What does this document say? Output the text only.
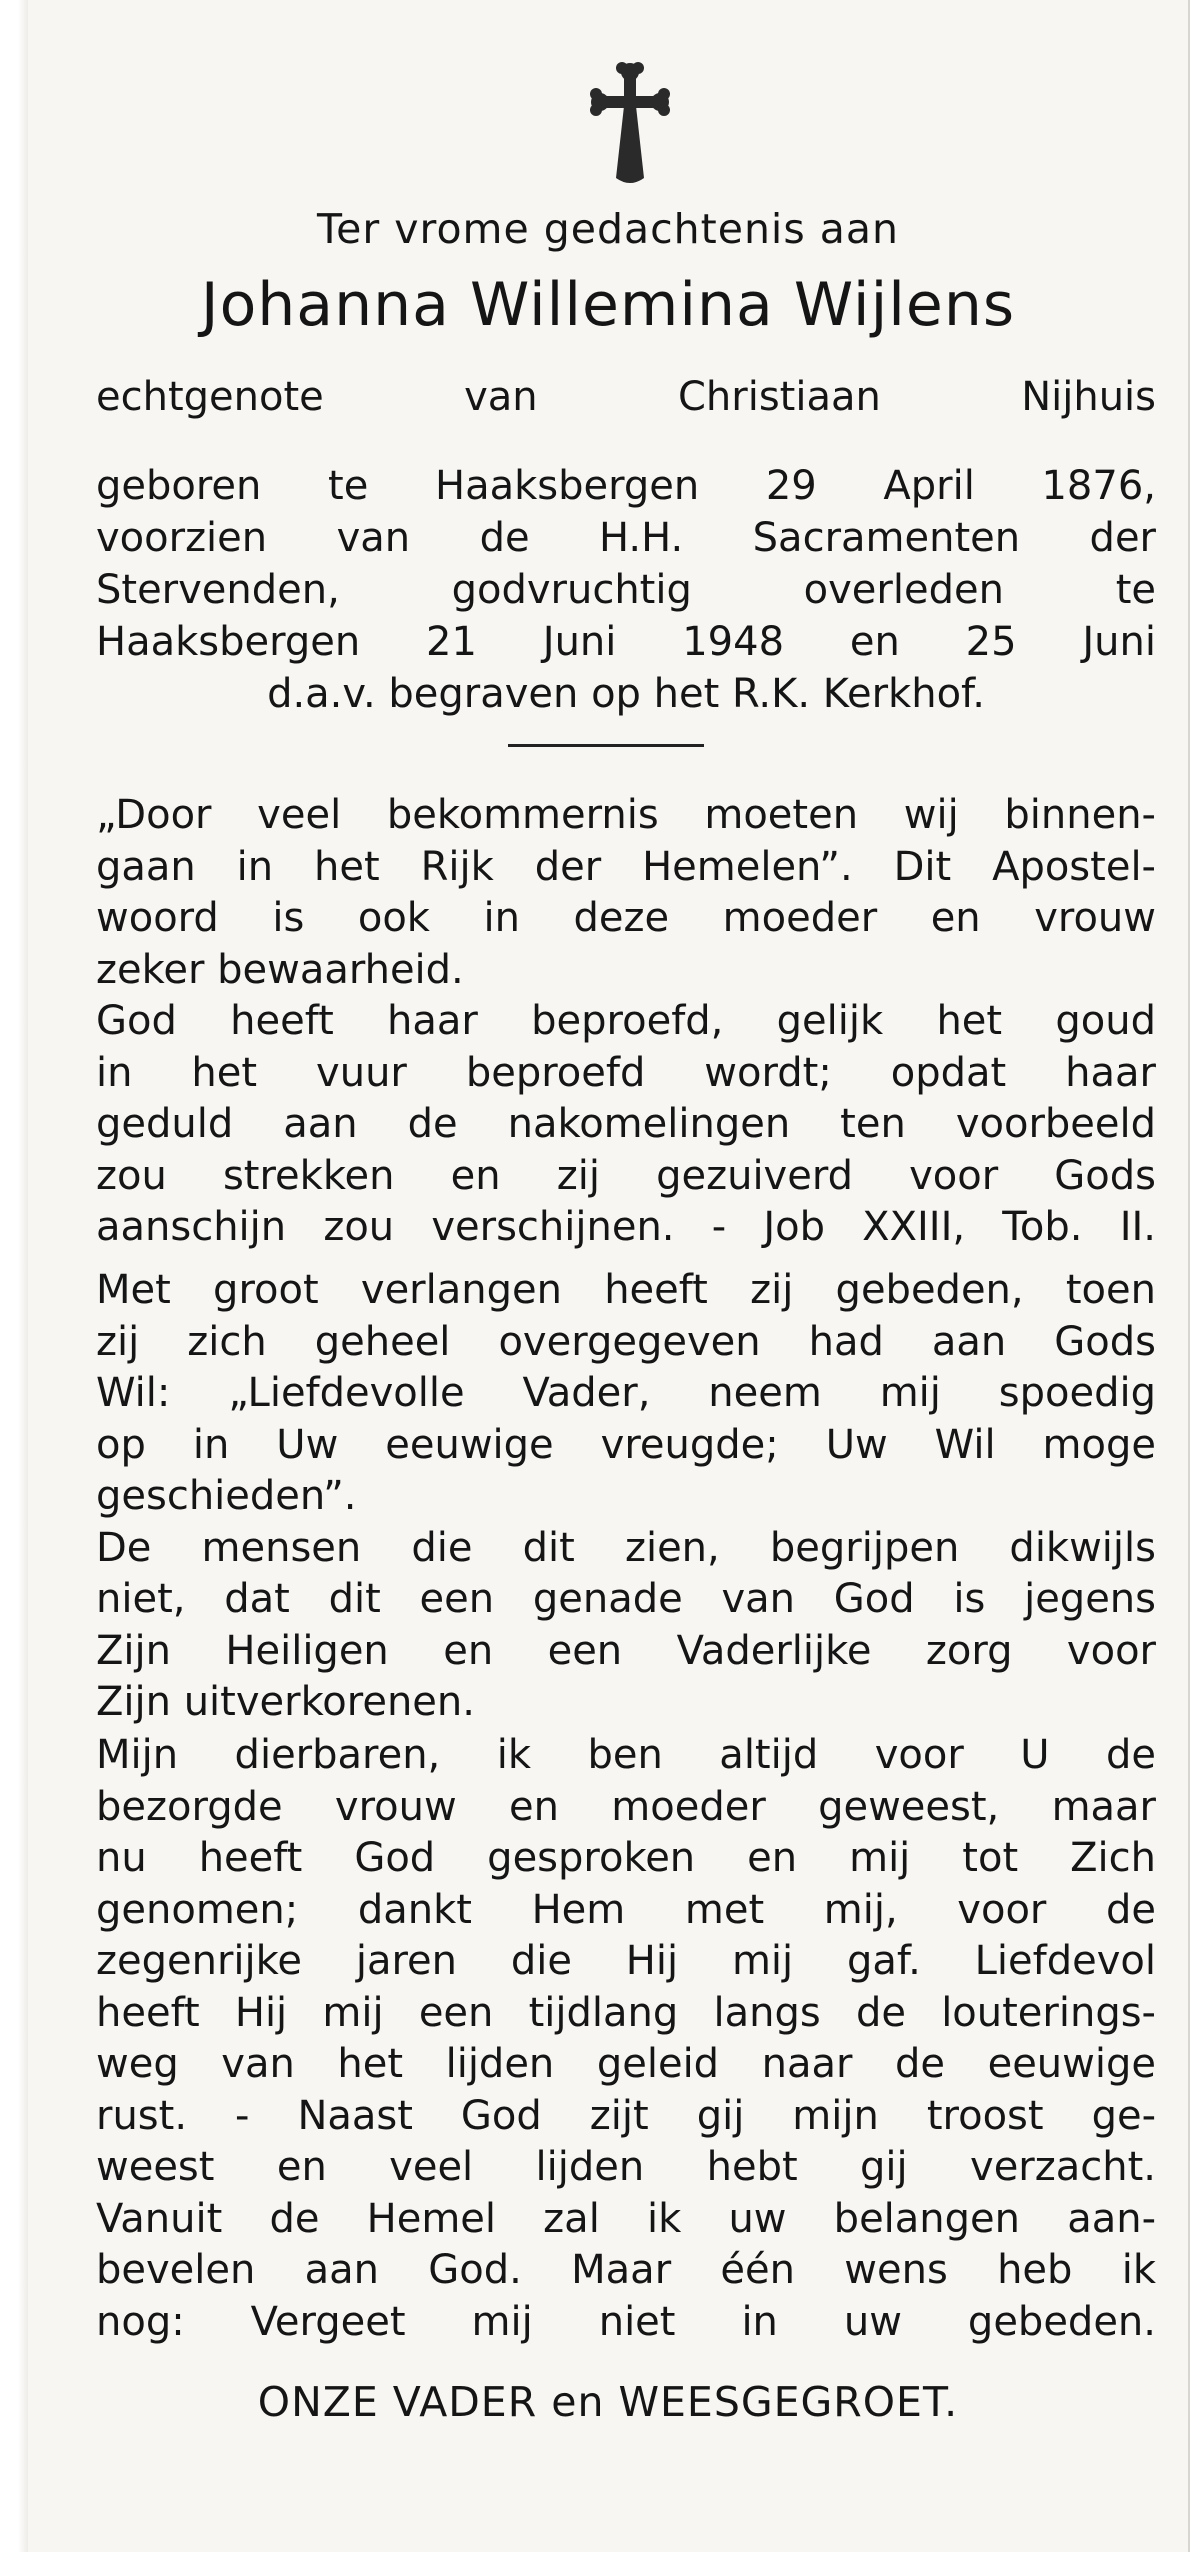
Ter vrome gedachtenis aan
Johanna Willemina Wijlens
echtgenote van Christiaan Nijhuis
geboren te Haaksbergen 29 April 1876,
voorzien van de H.H. Sacramenten der
Stervenden, godvruchtig overleden te
Haaksbergen 21 Juni 1948 en 25 Juni
d.a.v. begraven op het R.K. Kerkhof.
„Door veel bekommernis moeten wij binnen-
gaan in het Rijk der Hemelen”. Dit Apostel-
woord is ook in deze moeder en vrouw
zeker bewaarheid.
God heeft haar beproefd, gelijk het goud
in het vuur beproefd wordt; opdat haar
geduld aan de nakomelingen ten voorbeeld
zou strekken en zij gezuiverd voor Gods
aanschijn zou verschijnen. - Job XXIII, Tob. II.
Met groot verlangen heeft zij gebeden, toen
zij zich geheel overgegeven had aan Gods
Wil: „Liefdevolle Vader, neem mij spoedig
op in Uw eeuwige vreugde; Uw Wil moge
geschieden”.
De mensen die dit zien, begrijpen dikwijls
niet, dat dit een genade van God is jegens
Zijn Heiligen en een Vaderlijke zorg voor
Zijn uitverkorenen.
Mijn dierbaren, ik ben altijd voor U de
bezorgde vrouw en moeder geweest, maar
nu heeft God gesproken en mij tot Zich
genomen; dankt Hem met mij, voor de
zegenrijke jaren die Hij mij gaf. Liefdevol
heeft Hij mij een tijdlang langs de louterings-
weg van het lijden geleid naar de eeuwige
rust. - Naast God zijt gij mijn troost ge-
weest en veel lijden hebt gij verzacht.
Vanuit de Hemel zal ik uw belangen aan-
bevelen aan God. Maar één wens heb ik
nog: Vergeet mij niet in uw gebeden.
ONZE VADER en WEESGEGROET.
